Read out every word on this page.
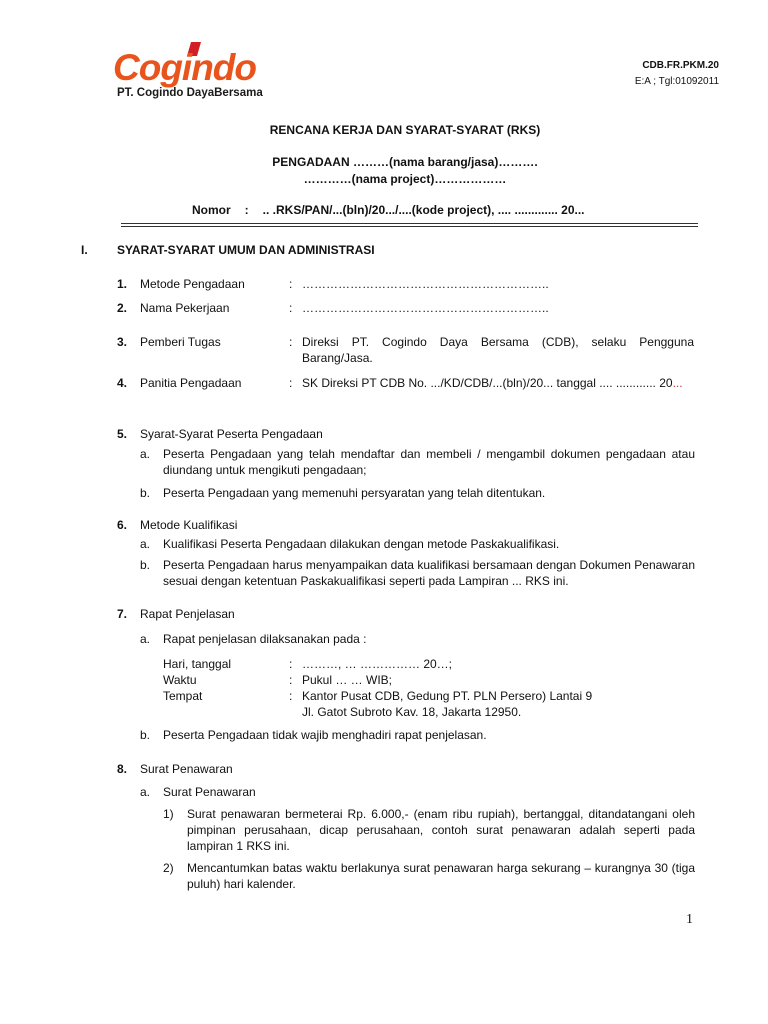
Cogindo
PT. Cogindo DayaBersama
CDB.FR.PKM.20
E:A ; Tgl:01092011
RENCANA KERJA DAN SYARAT-SYARAT (RKS)
PENGADAAN ………(nama barang/jasa)……….
…………(nama project)………………
Nomor : .. .RKS/PAN/...(bln)/20.../....(kode project), .... ............. 20...
I. SYARAT-SYARAT UMUM DAN ADMINISTRASI
1. Metode Pengadaan	: ……………………………………………………..
2. Nama Pekerjaan	: ……………………………………………………..
3. Pemberi Tugas	: Direksi PT. Cogindo Daya Bersama (CDB), selaku Pengguna Barang/Jasa.
4. Panitia Pengadaan	: SK Direksi PT CDB No. .../KD/CDB/...(bln)/20... tanggal .... ............ 20...
5. Syarat-Syarat Peserta Pengadaan
a. Peserta Pengadaan yang telah mendaftar dan membeli / mengambil dokumen pengadaan atau diundang untuk mengikuti pengadaan;
b. Peserta Pengadaan yang memenuhi persyaratan yang telah ditentukan.
6. Metode Kualifikasi
a. Kualifikasi Peserta Pengadaan dilakukan dengan metode Paskakualifikasi.
b. Peserta Pengadaan harus menyampaikan data kualifikasi bersamaan dengan Dokumen Penawaran sesuai dengan ketentuan Paskakualifikasi seperti pada Lampiran ... RKS ini.
7. Rapat Penjelasan
a. Rapat penjelasan dilaksanakan pada :
Hari, tanggal	: ………, … …………… 20…;
Waktu	: Pukul … … WIB;
Tempat	: Kantor Pusat CDB, Gedung PT. PLN Persero) Lantai 9
Jl. Gatot Subroto Kav. 18, Jakarta 12950.
b. Peserta Pengadaan tidak wajib menghadiri rapat penjelasan.
8. Surat Penawaran
a. Surat Penawaran
1) Surat penawaran bermeterai Rp. 6.000,- (enam ribu rupiah), bertanggal, ditandatangani oleh pimpinan perusahaan, dicap perusahaan, contoh surat penawaran adalah seperti pada lampiran 1 RKS ini.
2) Mencantumkan batas waktu berlakunya surat penawaran harga sekurang – kurangnya 30 (tiga puluh) hari kalender.
1
